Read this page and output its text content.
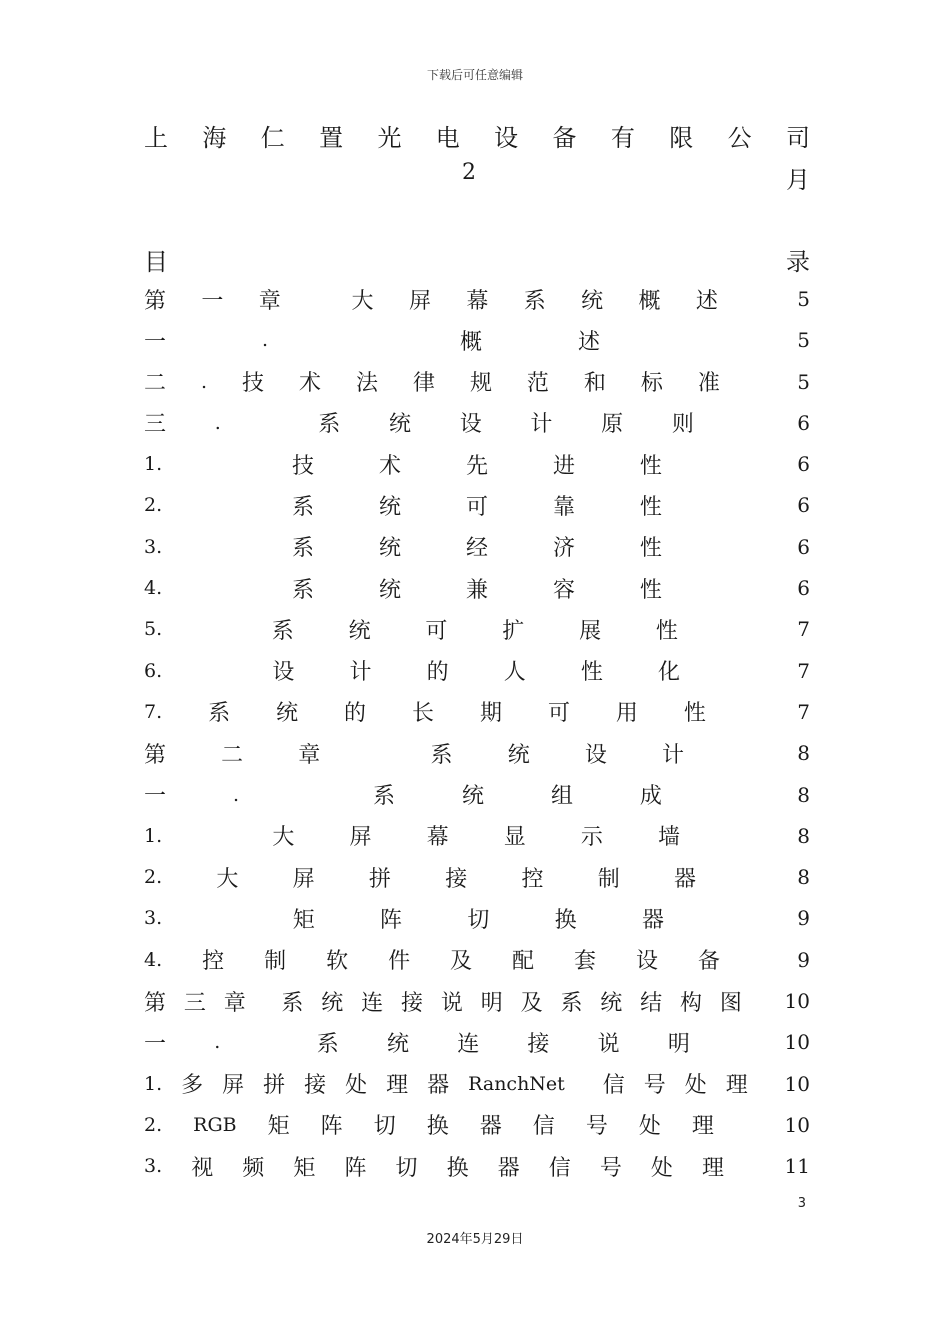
下载后可任意编辑
上 海 仁 置 光 电 设 备 有 限 公 司
2	月
目	录
第 一 章	大 屏 幕 系 统 概 述	5
一	.	概	述	5
二 . 技 术 法 律 规 范 和 标 准	5
三	.	系 统 设 计 原 则	6
1.	技	术	先	进	性	6
2.	系	统	可	靠	性	6
3.	系	统	经	济	性	6
4.	系	统	兼	容	性	6
5.	系 统 可 扩 展 性	7
6.	设	计	的	人	性	化	7
7. 系 统 的 长 期 可 用 性	7
第	二	章	系	统	设	计	8
一	.	系	统	组	成	8
1.	大	屏	幕	显	示	墙	8
2. 大 屏 拼 接 控 制 器	8
3.	矩	阵	切	换	器	9
4. 控 制 软 件 及 配 套 设 备	9
第 三 章 系 统 连 接 说 明 及 系 统 结 构 图 10
一	.	系 统 连 接 说 明	10
1. 多 屏 拼 接 处 理 器 RanchNet 信 号 处 理 10
2. RGB 矩 阵 切 换 器 信 号 处 理	10
3. 视 频 矩 阵 切 换 器 信 号 处 理	11
3
2024年5月29日
